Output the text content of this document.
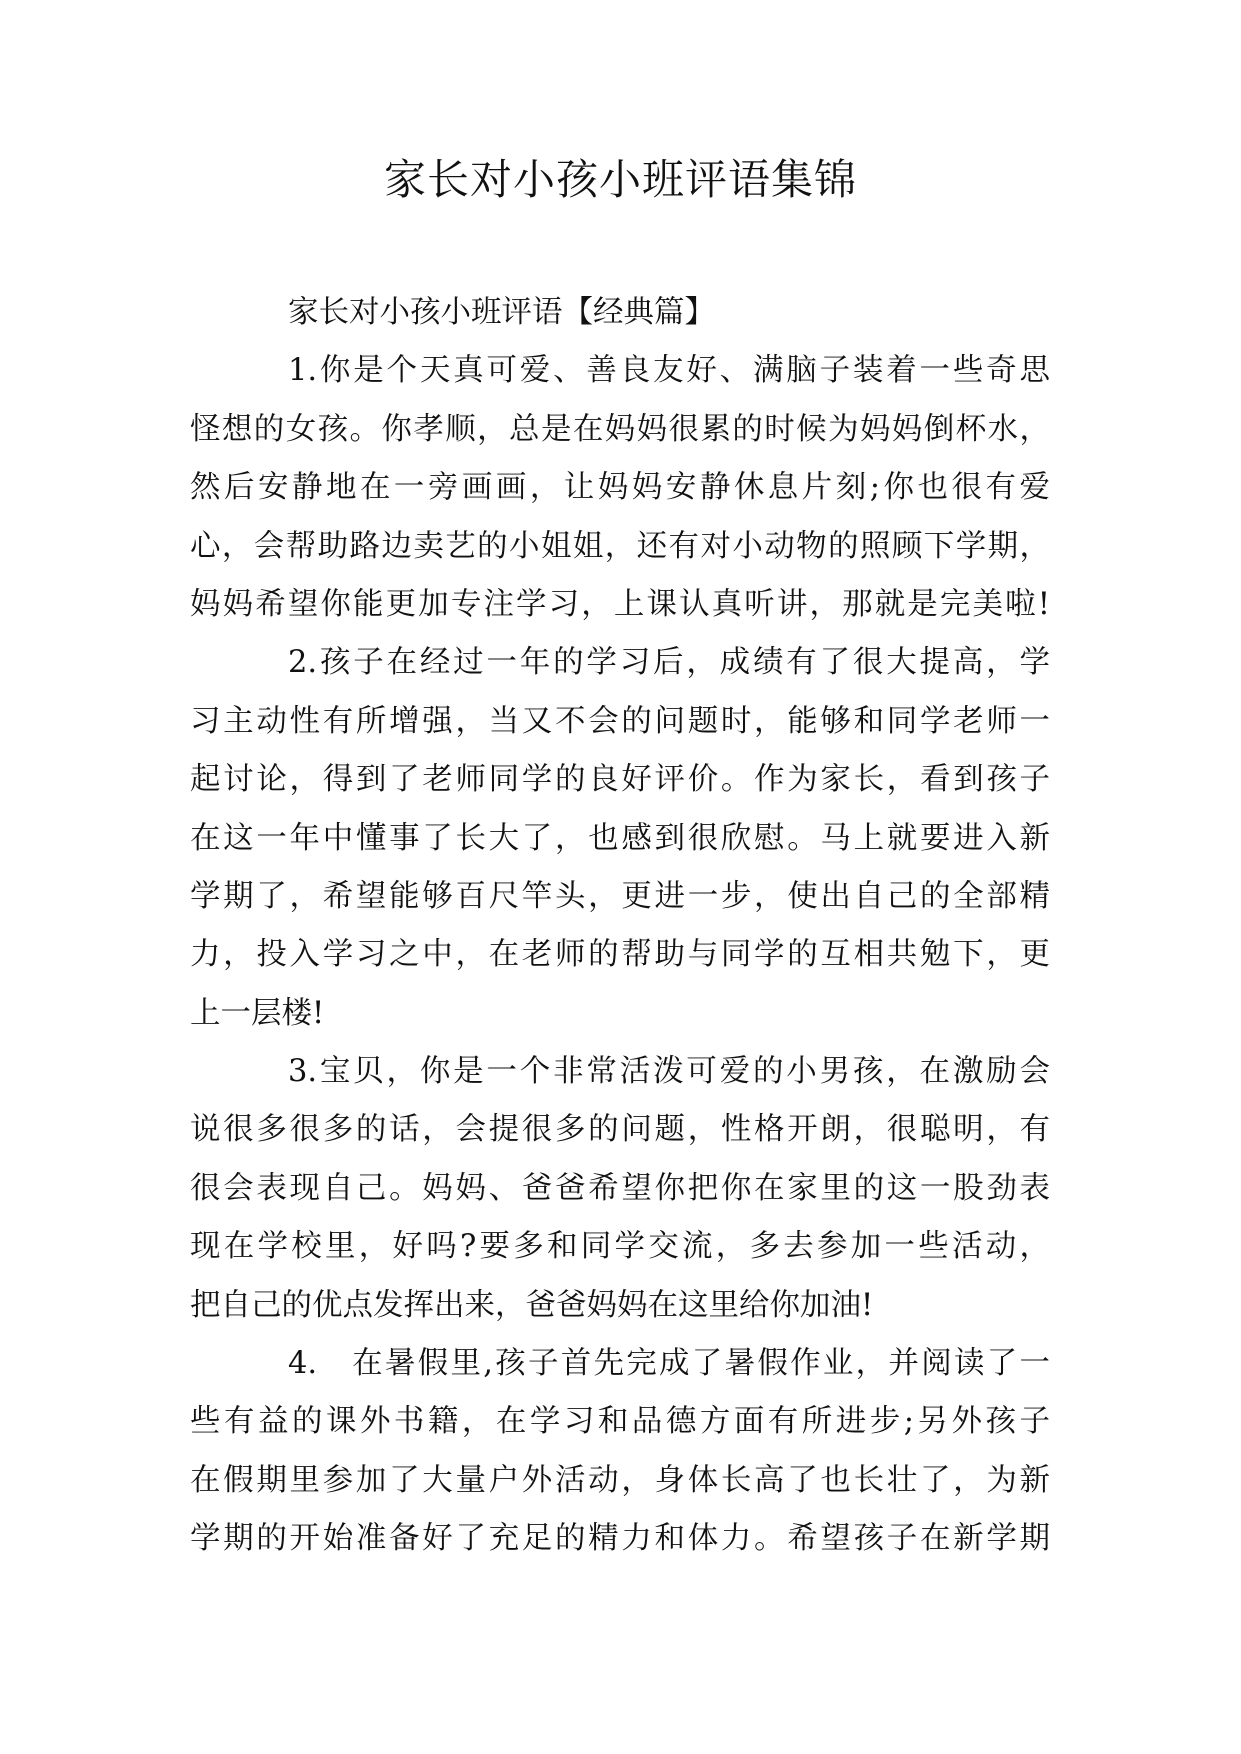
家长对小孩小班评语集锦
家长对小孩小班评语【经典篇】
1.你是个天真可爱、善良友好、满脑子装着一些奇思
怪想的女孩。你孝顺，总是在妈妈很累的时候为妈妈倒杯水，
然后安静地在一旁画画，让妈妈安静休息片刻;你也很有爱
心，会帮助路边卖艺的小姐姐，还有对小动物的照顾下学期，
妈妈希望你能更加专注学习，上课认真听讲，那就是完美啦!
2.孩子在经过一年的学习后，成绩有了很大提高，学
习主动性有所增强，当又不会的问题时，能够和同学老师一
起讨论，得到了老师同学的良好评价。作为家长，看到孩子
在这一年中懂事了长大了，也感到很欣慰。马上就要进入新
学期了，希望能够百尺竿头，更进一步，使出自己的全部精
力，投入学习之中，在老师的帮助与同学的互相共勉下，更
上一层楼!
3.宝贝，你是一个非常活泼可爱的小男孩，在激励会
说很多很多的话，会提很多的问题，性格开朗，很聪明，有
很会表现自己。妈妈、爸爸希望你把你在家里的这一股劲表
现在学校里，好吗?要多和同学交流，多去参加一些活动，
把自己的优点发挥出来，爸爸妈妈在这里给你加油!
4.　在暑假里,孩子首先完成了暑假作业，并阅读了一
些有益的课外书籍，在学习和品德方面有所进步;另外孩子
在假期里参加了大量户外活动，身体长高了也长壮了，为新
学期的开始准备好了充足的精力和体力。希望孩子在新学期
